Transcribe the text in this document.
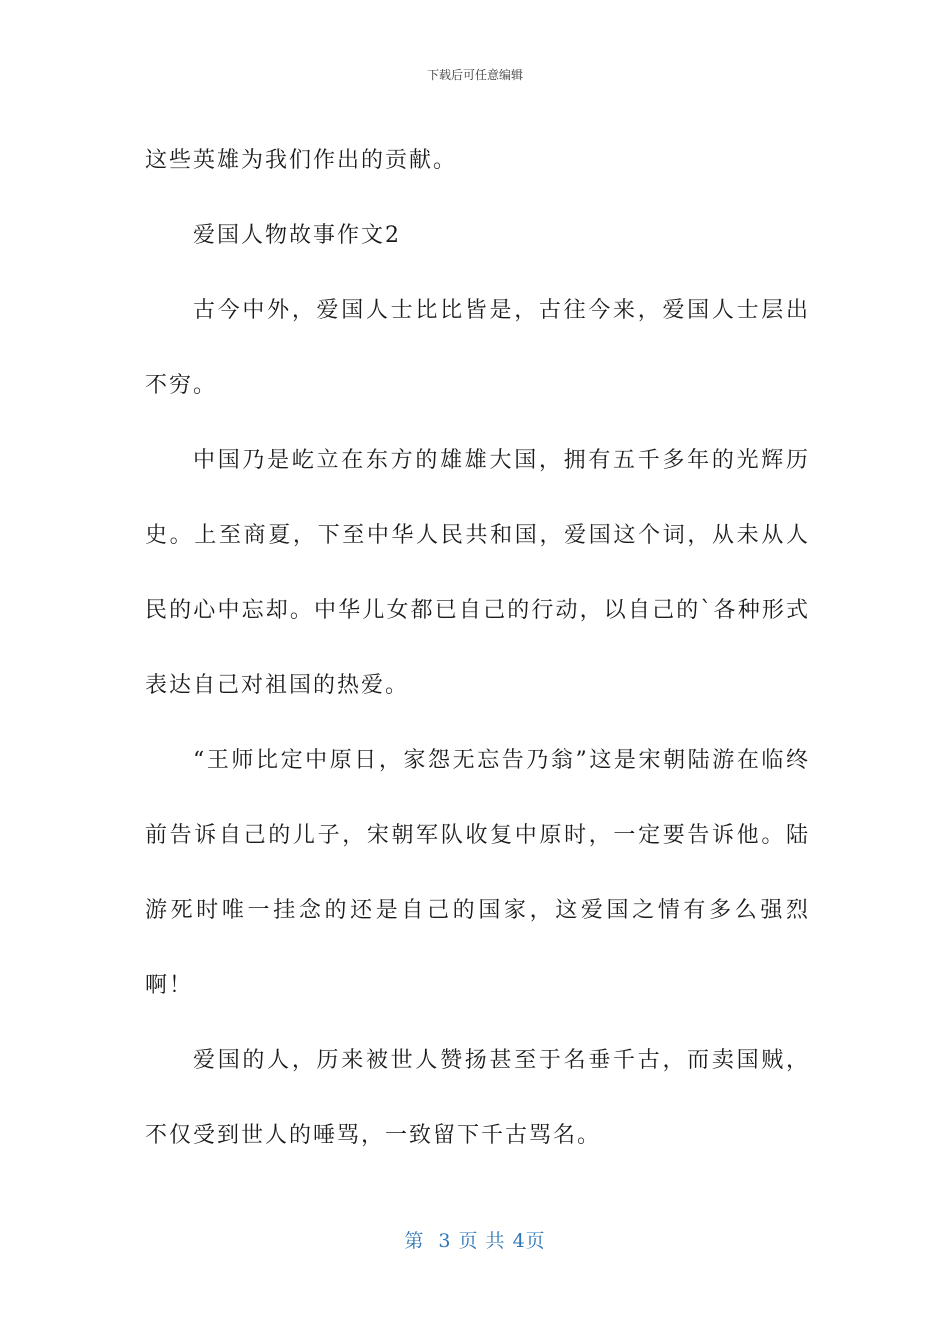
下载后可任意编辑

这些英雄为我们作出的贡献。

爱国人物故事作文2

古今中外，爱国人士比比皆是，古往今来，爱国人士层出不穷。

中国乃是屹立在东方的雄雄大国，拥有五千多年的光辉历史。上至商夏，下至中华人民共和国，爱国这个词，从未从人民的心中忘却。中华儿女都已自己的行动，以自己的`各种形式表达自己对祖国的热爱。

“王师比定中原日，家怨无忘告乃翁”这是宋朝陆游在临终前告诉自己的儿子，宋朝军队收复中原时，一定要告诉他。陆游死时唯一挂念的还是自己的国家，这爱国之情有多么强烈啊！

爱国的人，历来被世人赞扬甚至于名垂千古，而卖国贼，不仅受到世人的唾骂，一致留下千古骂名。

第  3 页 共 4页
